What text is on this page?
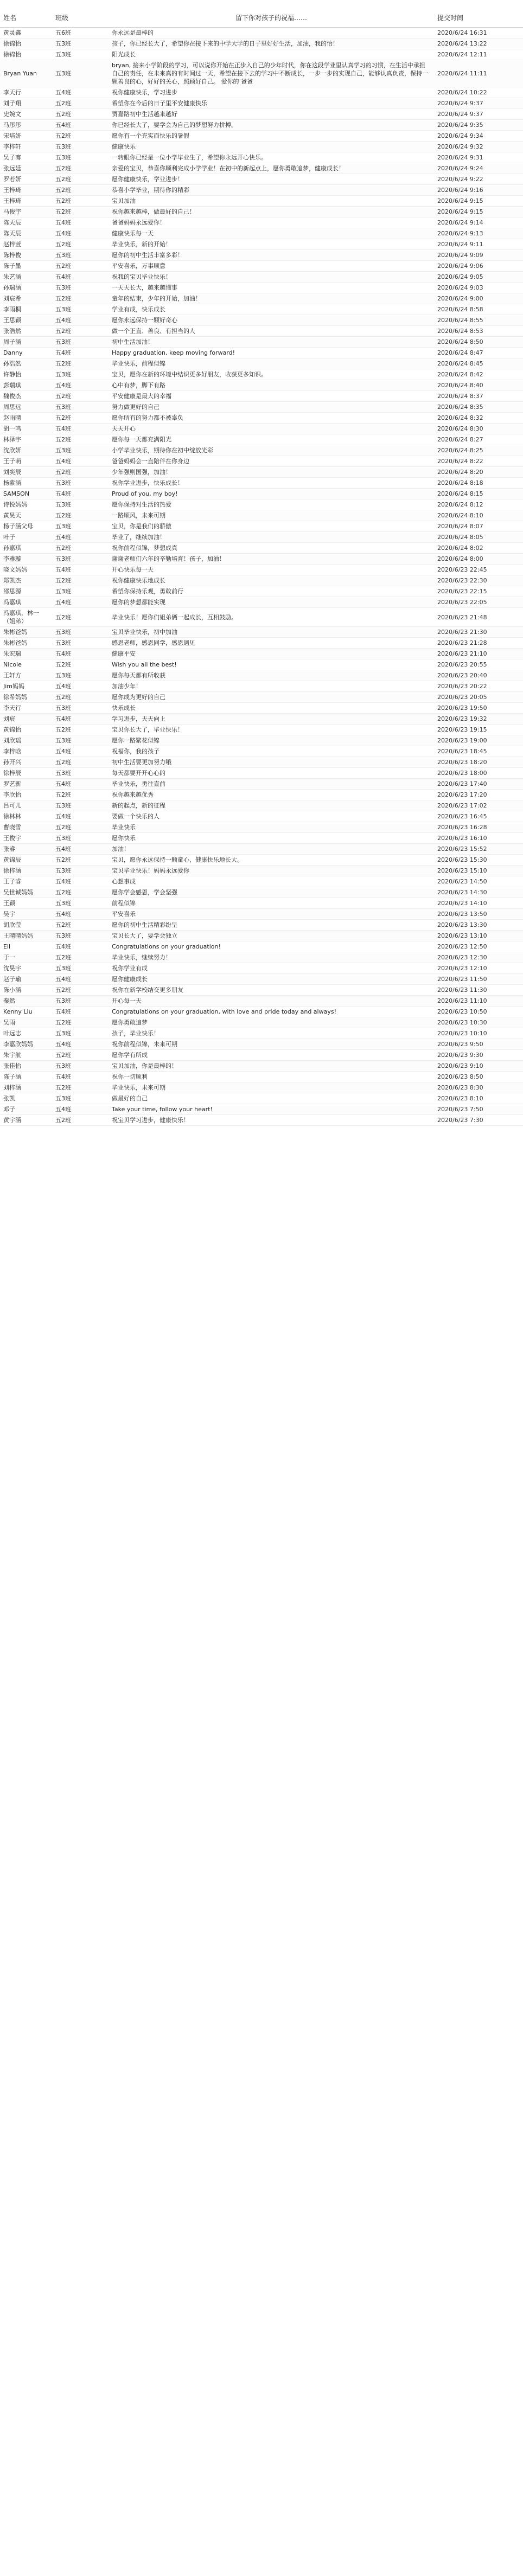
姓名	班级	留下你对孩子的祝福……	提交时间
黄灵鑫	五6班	你永远是最棒的	2020/6/24 16:31
徐锦怡	五3班	孩子，你已经长大了，希望你在接下来的中学大学的日子里好好生活，加油，我的怡！	2020/6/24 13:22
徐锦怡	五3班	阳光成长	2020/6/24 12:11
Bryan Yuan	五3班	bryan, 接来小学阶段的学习，可以说你开始在正步入自己的少年时代，你在这段学业里认真学习的习惯，在生活中承担自己的责任，在未来真的有时间过一天，希望在接下去的学习中不断成长，一步一步的实现自己，能够认真负责，保持一颗善良的心，好好的关心，照顾好自己。 爱你的 爸爸	2020/6/24 11:11
李天行	五4班	祝你健康快乐，学习进步	2020/6/24 10:22
刘子翔	五2班	希望你在今后的日子里平安健康快乐	2020/6/24 9:37
史婉文	五2班	贾嘉路初中生活越来越好	2020/6/24 9:37
马彤彤	五4班	你已经长大了，要学会为自己的梦想努力拼搏。	2020/6/24 9:35
宋培妍	五2班	愿你有一个充实而快乐的暑假	2020/6/24 9:34
李梓轩	五3班	健康快乐	2020/6/24 9:32
吴子骞	五3班	一转眼你已经是一位小学毕业生了，希望你永远开心快乐。	2020/6/24 9:31
张远廷	五2班	亲爱的宝贝，恭喜你顺利完成小学学业！在初中的新起点上，愿你勇敢追梦，健康成长！	2020/6/24 9:24
罗若妍	五2班	愿你健康快乐，学业进步！	2020/6/24 9:22
王梓琦	五2班	恭喜小学毕业，期待你的精彩	2020/6/24 9:16
王梓琦	五2班	宝贝加油	2020/6/24 9:15
马俊宇	五2班	祝你越来越棒，做最好的自己！	2020/6/24 9:15
陈天辰	五4班	爸爸妈妈永远爱你！	2020/6/24 9:14
陈天辰	五4班	健康快乐每一天	2020/6/24 9:13
赵梓萱	五2班	毕业快乐，新的开始！	2020/6/24 9:11
陈梓俊	五3班	愿你的初中生活丰富多彩！	2020/6/24 9:09
陈子墨	五2班	平安喜乐，万事顺意	2020/6/24 9:06
朱艺涵	五4班	祝我的宝贝毕业快乐！	2020/6/24 9:05
孙瑞涵	五3班	一天天长大，越来越懂事	2020/6/24 9:03
刘宸希	五2班	童年的结束，少年的开始，加油！	2020/6/24 9:00
李雨桐	五3班	学业有成，快乐成长	2020/6/24 8:58
王思颖	五4班	愿你永远保持一颗好奇心	2020/6/24 8:55
张浩然	五2班	做一个正直、善良、有担当的人	2020/6/24 8:53
周子涵	五3班	初中生活加油！	2020/6/24 8:50
Danny	五4班	Happy graduation, keep moving forward!	2020/6/24 8:47
孙浩然	五2班	毕业快乐，前程似锦	2020/6/24 8:45
许静怡	五3班	宝贝，愿你在新的环境中结识更多好朋友，收获更多知识。	2020/6/24 8:42
彭瑞琪	五4班	心中有梦，脚下有路	2020/6/24 8:40
魏俊杰	五2班	平安健康是最大的幸福	2020/6/24 8:37
周思远	五3班	努力做更好的自己	2020/6/24 8:35
赵雨晴	五2班	愿你所有的努力都不被辜负	2020/6/24 8:32
胡一鸣	五4班	天天开心	2020/6/24 8:30
林泽宇	五2班	愿你每一天都充满阳光	2020/6/24 8:27
沈欣妍	五3班	小学毕业快乐，期待你在初中绽放光彩	2020/6/24 8:25
王子萌	五4班	爸爸妈妈会一直陪伴在你身边	2020/6/24 8:22
刘奕辰	五2班	少年强则国强，加油！	2020/6/24 8:20
杨紫涵	五3班	祝你学业进步，快乐成长！	2020/6/24 8:18
SAMSON	五4班	Proud of you, my boy!	2020/6/24 8:15
诗悦妈妈	五3班	愿你保持对生活的热爱	2020/6/24 8:12
黄昊天	五2班	一路顺风，未来可期	2020/6/24 8:10
杨子涵父母	五3班	宝贝，你是我们的骄傲	2020/6/24 8:07
叶子	五4班	毕业了，继续加油！	2020/6/24 8:05
孙嘉琪	五2班	祝你前程似锦，梦想成真	2020/6/24 8:02
李雅璇	五3班	谢谢老师们六年的辛勤培育！孩子，加油！	2020/6/24 8:00
晓文妈妈	五4班	开心快乐每一天	2020/6/23 22:45
郑凯杰	五2班	祝你健康快乐地成长	2020/6/23 22:30
邵思源	五3班	希望你保持乐观，勇敢前行	2020/6/23 22:15
冯嘉琪	五4班	愿你的梦想都能实现	2020/6/23 22:05
冯嘉琪，林一（姐弟）	五2班	毕业快乐！愿你们姐弟俩一起成长，互相鼓励。	2020/6/23 21:48
朱彬爸妈	五3班	宝贝毕业快乐，初中加油	2020/6/23 21:30
朱彬爸妈	五3班	感恩老师，感恩同学，感恩遇见	2020/6/23 21:28
朱宏瑞	五4班	健康平安	2020/6/23 21:10
Nicole	五2班	Wish you all the best!	2020/6/23 20:55
王轩方	五3班	愿你每天都有所收获	2020/6/23 20:40
Jim妈妈	五4班	加油少年！	2020/6/23 20:22
徐希妈妈	五2班	愿你成为更好的自己	2020/6/23 20:05
李天行	五3班	快乐成长	2020/6/23 19:50
刘宸	五4班	学习进步，天天向上	2020/6/23 19:32
黄锦怡	五2班	宝贝你长大了，毕业快乐！	2020/6/23 19:15
刘欣瑶	五3班	愿你一路繁花似锦	2020/6/23 19:00
李梓晗	五4班	祝福你，我的孩子	2020/6/23 18:45
孙开兴	五2班	初中生活要更加努力哦	2020/6/23 18:20
徐梓辰	五3班	每天都要开开心心的	2020/6/23 18:00
罗艺新	五4班	毕业快乐，勇往直前	2020/6/23 17:40
李欣怡	五2班	祝你越来越优秀	2020/6/23 17:20
吕可儿	五3班	新的起点，新的征程	2020/6/23 17:02
徐林林	五4班	要做一个快乐的人	2020/6/23 16:45
曹晓雪	五2班	毕业快乐	2020/6/23 16:28
王俊宇	五3班	愿你快乐	2020/6/23 16:10
张睿	五4班	加油！	2020/6/23 15:52
黄锦辰	五2班	宝贝，愿你永远保持一颗童心，健康快乐地长大。	2020/6/23 15:30
徐梓涵	五3班	宝贝毕业快乐！妈妈永远爱你	2020/6/23 15:10
王子睿	五4班	心想事成	2020/6/23 14:50
吴世诚妈妈	五2班	愿你学会感恩，学会坚强	2020/6/23 14:30
王颖	五3班	前程似锦	2020/6/23 14:10
吴宇	五4班	平安喜乐	2020/6/23 13:50
胡欣莹	五2班	愿你的初中生活精彩纷呈	2020/6/23 13:30
王晴晴妈妈	五3班	宝贝长大了，要学会独立	2020/6/23 13:10
Eli	五4班	Congratulations on your graduation!	2020/6/23 12:50
于一	五2班	毕业快乐，继续努力！	2020/6/23 12:30
沈昊宇	五3班	祝你学业有成	2020/6/23 12:10
赵子瑜	五4班	愿你健康成长	2020/6/23 11:50
陈小涵	五2班	祝你在新学校结交更多朋友	2020/6/23 11:30
秦然	五3班	开心每一天	2020/6/23 11:10
Kenny Liu	五4班	Congratulations on your graduation, with love and pride today and always!	2020/6/23 10:50
吴雨	五2班	愿你勇敢追梦	2020/6/23 10:30
叶远志	五3班	孩子，毕业快乐！	2020/6/23 10:10
李嘉欣妈妈	五4班	祝你前程似锦，未来可期	2020/6/23 9:50
朱宇航	五2班	愿你学有所成	2020/6/23 9:30
张佳怡	五3班	宝贝加油，你是最棒的！	2020/6/23 9:10
陈子涵	五4班	祝你一切顺利	2020/6/23 8:50
刘梓涵	五2班	毕业快乐，未来可期	2020/6/23 8:30
张凯	五3班	做最好的自己	2020/6/23 8:10
邓子	五4班	Take your time, follow your heart!	2020/6/23 7:50
黄宇涵	五2班	祝宝贝学习进步，健康快乐！	2020/6/23 7:30
